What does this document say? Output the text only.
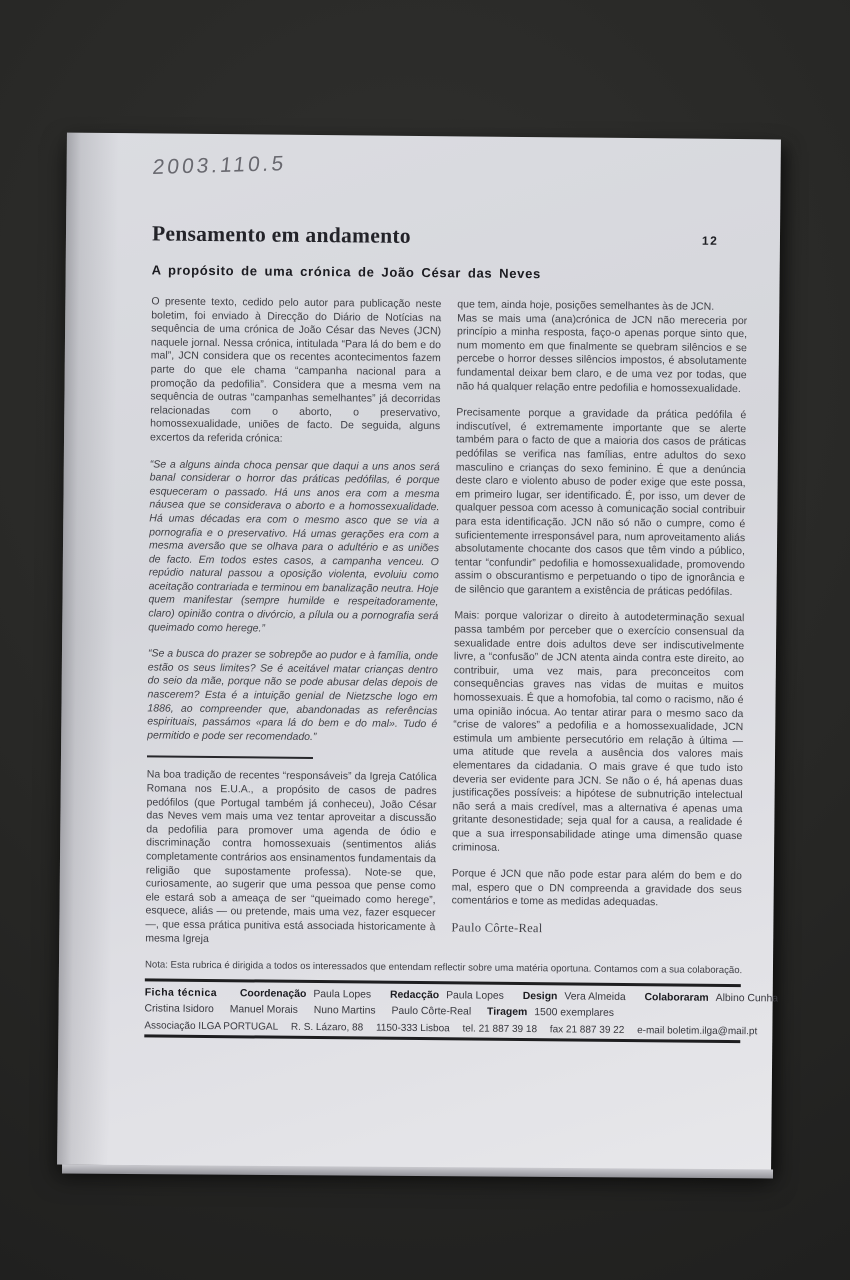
2003.110.5
Pensamento em andamento	12
A propósito de uma crónica de João César das Neves

O presente texto, cedido pelo autor para publicação neste boletim, foi enviado à Direcção do Diário de Notícias na sequência de uma crónica de João César das Neves (JCN) naquele jornal. Nessa crónica, intitulada “Para lá do bem e do mal”, JCN considera que os recentes acontecimentos fazem parte do que ele chama “campanha nacional para a promoção da pedofilia”. Considera que a mesma vem na sequência de outras “campanhas semelhantes” já decorridas relacionadas com o aborto, o preservativo, homossexualidade, uniões de facto. De seguida, alguns excertos da referida crónica:

“Se a alguns ainda choca pensar que daqui a uns anos será banal considerar o horror das práticas pedófilas, é porque esqueceram o passado. Há uns anos era com a mesma náusea que se considerava o aborto e a homossexualidade. Há umas décadas era com o mesmo asco que se via a pornografia e o preservativo. Há umas gerações era com a mesma aversão que se olhava para o adultério e as uniões de facto. Em todos estes casos, a campanha venceu. O repúdio natural passou a oposição violenta, evoluiu como aceitação contrariada e terminou em banalização neutra. Hoje quem manifestar (sempre humilde e respeitadoramente, claro) opinião contra o divórcio, a pílula ou a pornografia será queimado como herege.”

“Se a busca do prazer se sobrepõe ao pudor e à família, onde estão os seus limites? Se é aceitável matar crianças dentro do seio da mãe, porque não se pode abusar delas depois de nascerem? Esta é a intuição genial de Nietzsche logo em 1886, ao compreender que, abandonadas as referências espirituais, passámos «para lá do bem e do mal». Tudo é permitido e pode ser recomendado.”

Na boa tradição de recentes “responsáveis” da Igreja Católica Romana nos E.U.A., a propósito de casos de padres pedófilos (que Portugal também já conheceu), João César das Neves vem mais uma vez tentar aproveitar a discussão da pedofilia para promover uma agenda de ódio e discriminação contra homossexuais (sentimentos aliás completamente contrários aos ensinamentos fundamentais da religião que supostamente professa). Note-se que, curiosamente, ao sugerir que uma pessoa que pense como ele estará sob a ameaça de ser “queimado como herege”, esquece, aliás — ou pretende, mais uma vez, fazer esquecer —, que essa prática punitiva está associada historicamente à mesma Igreja

que tem, ainda hoje, posições semelhantes às de JCN.

Mas se mais uma (ana)crónica de JCN não mereceria por princípio a minha resposta, faço-o apenas porque sinto que, num momento em que finalmente se quebram silêncios e se percebe o horror desses silêncios impostos, é absolutamente fundamental deixar bem claro, e de uma vez por todas, que não há qualquer relação entre pedofilia e homossexualidade.

Precisamente porque a gravidade da prática pedófila é indiscutível, é extremamente importante que se alerte também para o facto de que a maioria dos casos de práticas pedófilas se verifica nas famílias, entre adultos do sexo masculino e crianças do sexo feminino. É que a denúncia deste claro e violento abuso de poder exige que este possa, em primeiro lugar, ser identificado. É, por isso, um dever de qualquer pessoa com acesso à comunicação social contribuir para esta identificação. JCN não só não o cumpre, como é suficientemente irresponsável para, num aproveitamento aliás absolutamente chocante dos casos que têm vindo a público, tentar “confundir” pedofilia e homossexualidade, promovendo assim o obscurantismo e perpetuando o tipo de ignorância e de silêncio que garantem a existência de práticas pedófilas.

Mais: porque valorizar o direito à autodeterminação sexual passa também por perceber que o exercício consensual da sexualidade entre dois adultos deve ser indiscutivelmente livre, a “confusão” de JCN atenta ainda contra este direito, ao contribuir, uma vez mais, para preconceitos com consequências graves nas vidas de muitas e muitos homossexuais. É que a homofobia, tal como o racismo, não é uma opinião inócua. Ao tentar atirar para o mesmo saco da “crise de valores” a pedofilia e a homossexualidade, JCN estimula um ambiente persecutório em relação à última — uma atitude que revela a ausência dos valores mais elementares da cidadania. O mais grave é que tudo isto deveria ser evidente para JCN. Se não o é, há apenas duas justificações possíveis: a hipótese de subnutrição intelectual não será a mais credível, mas a alternativa é apenas uma gritante desonestidade; seja qual for a causa, a realidade é que a sua irresponsabilidade atinge uma dimensão quase criminosa.

Porque é JCN que não pode estar para além do bem e do mal, espero que o DN compreenda a gravidade dos seus comentários e tome as medidas adequadas.

Paulo Côrte-Real
Nota: Esta rubrica é dirigida a todos os interessados que entendam reflectir sobre uma matéria oportuna. Contamos com a sua colaboração.
Ficha técnica Coordenação Paula Lopes Redacção Paula Lopes Design Vera Almeida Colaboraram Albino Cunha
Cristina Isidoro Manuel Morais Nuno Martins Paulo Côrte-Real Tiragem 1500 exemplares
Associação ILGA PORTUGAL R. S. Lázaro, 88 1150-333 Lisboa tel. 21 887 39 18 fax 21 887 39 22 e-mail boletim.ilga@mail.pt
